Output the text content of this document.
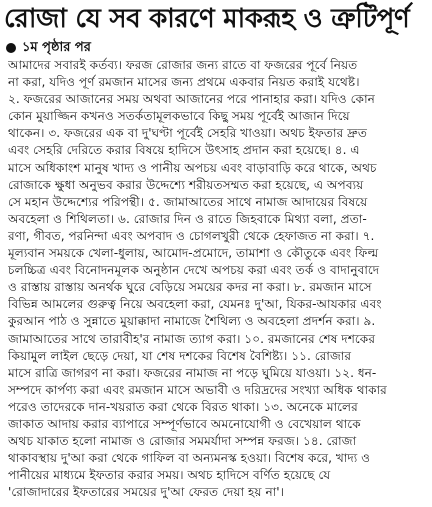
রোজা যে সব কারণে মাকরূহ ও ত্রুটিপূর্ণ
১ম পৃষ্ঠার পর
আমাদের সবারই কর্তব্য। ফরজ রোজার জন্য রাতে বা ফজরের পূর্বে নিয়ত
না করা, যদিও পূর্ণ রমজান মাসের জন্য প্রথমে একবার নিয়ত করাই যথেষ্ট।
২. ফজরের আজানের সময় অথবা আজানের পরে পানাহার করা। যদিও কোন
কোন মুয়াজ্জিন কখনও সতর্কতামূলকভাবে কিছু সময় পূর্বেই আজান দিয়ে
থাকেন। ৩. ফজরের এক বা দু'ঘণ্টা পূর্বেই সেহরি খাওয়া। অথচ ইফতার দ্রুত
এবং সেহরি দেরিতে করার বিষয়ে হাদিসে উৎসাহ প্রদান করা হয়েছে। ৪. এ
মাসে অধিকাংশ মানুষ খাদ্য ও পানীয় অপচয় এবং বাড়াবাড়ি করে থাকে, অথচ
রোজাকে ক্ষুধা অনুভব করার উদ্দেশ্যে শরীয়তসম্মত করা হয়েছে, এ অপব্যয়
সে মহান উদ্দেশ্যের পরিপন্থী। ৫. জামাআতের সাথে নামাজ আদায়ের বিষয়ে
অবহেলা ও শিথিলতা। ৬. রোজার দিন ও রাতে জিহবাকে মিথ্যা বলা, প্রতা-
রণা, গীবত, পরনিন্দা এবং অপবাদ ও চোগলখুরী থেকে হেফাজত না করা। ৭.
মূল্যবান সময়কে খেলা-ধুলায়, আমোদ-প্রমোদে, তামাশা ও কৌতুকে এবং ফিল্ম
চলচ্চিত্র এবং বিনোদনমূলক অনুষ্ঠান দেখে অপচয় করা এবং তর্ক ও বাদানুবাদে
ও রাস্তায় রাস্তায় অনর্থক ঘুরে বেড়িয়ে সময়ের কদর না করা। ৮. রমজান মাসে
বিভিন্ন আমলের গুরুত্ব নিয়ে অবহেলা করা, যেমনঃ দু'আ, যিকর-আযকার এবং
কুরআন পাঠ ও সুন্নাতে মুয়াক্কাদা নামাজে শৈথিল্য ও অবহেলা প্রদর্শন করা। ৯.
জামাআতের সাথে তারাবীহ'র নামাজ ত্যাগ করা। ১০. রমজানের শেষ দশকের
কিয়ামুল লাইল ছেড়ে দেয়া, যা শেষ দশকের বিশেষ বৈশিষ্ট্য। ১১. রোজার
মাসে রাত্রি জাগরণ না করা। ফজরের নামাজ না পড়ে ঘুমিয়ে যাওয়া। ১২. ধন-
সম্পদে কার্পণ্য করা এবং রমজান মাসে অভাবী ও দরিদ্রদের সংখ্যা অধিক থাকার
পরেও তাদেরকে দান-খয়রাত করা থেকে বিরত থাকা। ১৩. অনেকে মালের
জাকাত আদায় করার ব্যাপারে সম্পূর্ণভাবে অমনোযোগী ও বেখেয়াল থাকে
অথচ যাকাত হলো নামাজ ও রোজার সমমর্যাদা সম্পন্ন ফরজ। ১৪. রোজা
থাকাবস্থায় দু'আ করা থেকে গাফিল বা অন্যমনস্ক হওয়া। বিশেষ করে, খাদ্য ও
পানীয়ের মাধ্যমে ইফতার করার সময়। অথচ হাদিসে বর্ণিত হয়েছে যে
'রোজাদারের ইফতারের সময়ের দু'আ ফেরত দেয়া হয় না'।
